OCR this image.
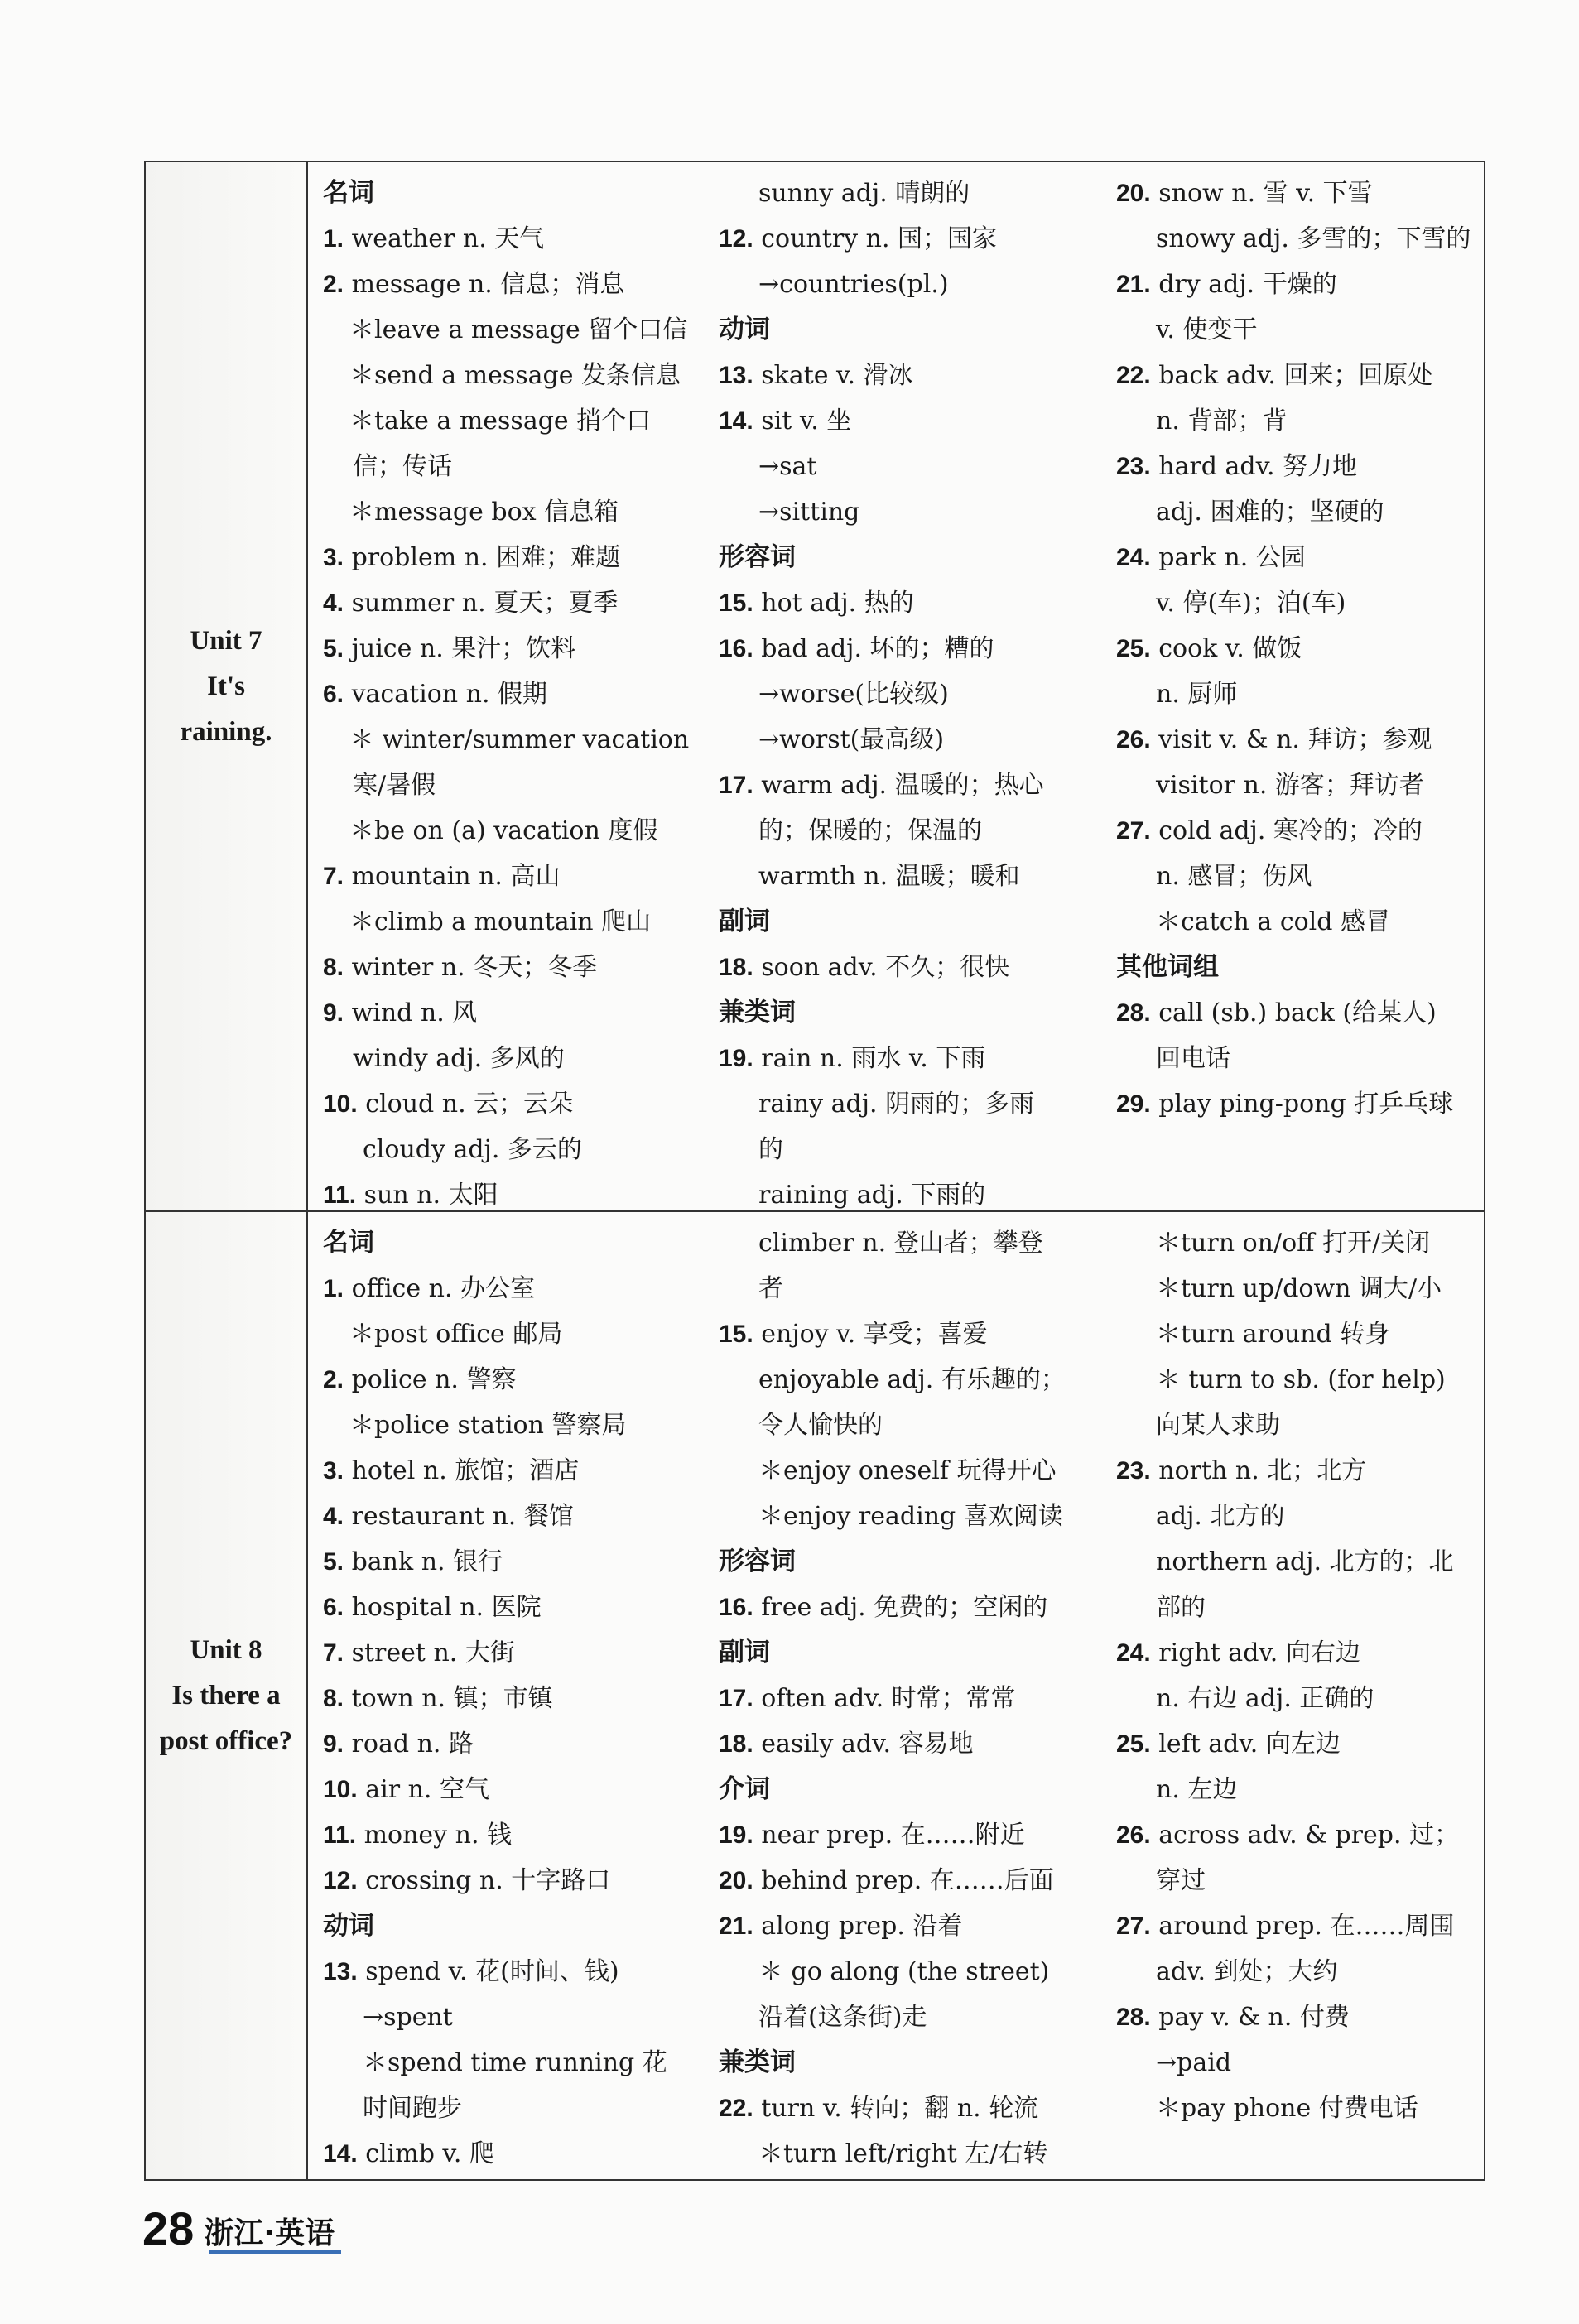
Unit 7
It's
raining.
名词
1. weather n. 天气
2. message n. 信息；消息
＊leave a message 留个口信
＊send a message 发条信息
＊take a message 捎个口
信；传话
＊message box 信息箱
3. problem n. 困难；难题
4. summer n. 夏天；夏季
5. juice n. 果汁；饮料
6. vacation n. 假期
＊ winter/summer vacation
寒/暑假
＊be on (a) vacation 度假
7. mountain n. 高山
＊climb a mountain 爬山
8. winter n. 冬天；冬季
9. wind n. 风
windy adj. 多风的
10. cloud n. 云；云朵
cloudy adj. 多云的
11. sun n. 太阳
sunny adj. 晴朗的
12. country n. 国；国家
→countries(pl.)
动词
13. skate v. 滑冰
14. sit v. 坐
→sat
→sitting
形容词
15. hot adj. 热的
16. bad adj. 坏的；糟的
→worse(比较级)
→worst(最高级)
17. warm adj. 温暖的；热心
的；保暖的；保温的
warmth n. 温暖；暖和
副词
18. soon adv. 不久；很快
兼类词
19. rain n. 雨水 v. 下雨
rainy adj. 阴雨的；多雨
的
raining adj. 下雨的
20. snow n. 雪 v. 下雪
snowy adj. 多雪的；下雪的
21. dry adj. 干燥的
v. 使变干
22. back adv. 回来；回原处
n. 背部；背
23. hard adv. 努力地
adj. 困难的；坚硬的
24. park n. 公园
v. 停(车)；泊(车)
25. cook v. 做饭
n. 厨师
26. visit v. & n. 拜访；参观
visitor n. 游客；拜访者
27. cold adj. 寒冷的；冷的
n. 感冒；伤风
＊catch a cold 感冒
其他词组
28. call (sb.) back (给某人)
回电话
29. play ping-pong 打乒乓球
Unit 8
Is there a
post office?
名词
1. office n. 办公室
＊post office 邮局
2. police n. 警察
＊police station 警察局
3. hotel n. 旅馆；酒店
4. restaurant n. 餐馆
5. bank n. 银行
6. hospital n. 医院
7. street n. 大街
8. town n. 镇；市镇
9. road n. 路
10. air n. 空气
11. money n. 钱
12. crossing n. 十字路口
动词
13. spend v. 花(时间、钱)
→spent
＊spend time running 花
时间跑步
14. climb v. 爬
climber n. 登山者；攀登
者
15. enjoy v. 享受；喜爱
enjoyable adj. 有乐趣的；
令人愉快的
＊enjoy oneself 玩得开心
＊enjoy reading 喜欢阅读
形容词
16. free adj. 免费的；空闲的
副词
17. often adv. 时常；常常
18. easily adv. 容易地
介词
19. near prep. 在……附近
20. behind prep. 在……后面
21. along prep. 沿着
＊ go along (the street)
沿着(这条街)走
兼类词
22. turn v. 转向；翻 n. 轮流
＊turn left/right 左/右转
＊turn on/off 打开/关闭
＊turn up/down 调大/小
＊turn around 转身
＊ turn to sb. (for help)
向某人求助
23. north n. 北；北方
adj. 北方的
northern adj. 北方的；北
部的
24. right adv. 向右边
n. 右边 adj. 正确的
25. left adv. 向左边
n. 左边
26. across adv. & prep. 过；
穿过
27. around prep. 在……周围
adv. 到处；大约
28. pay v. & n. 付费
→paid
＊pay phone 付费电话
28 浙江·英语
